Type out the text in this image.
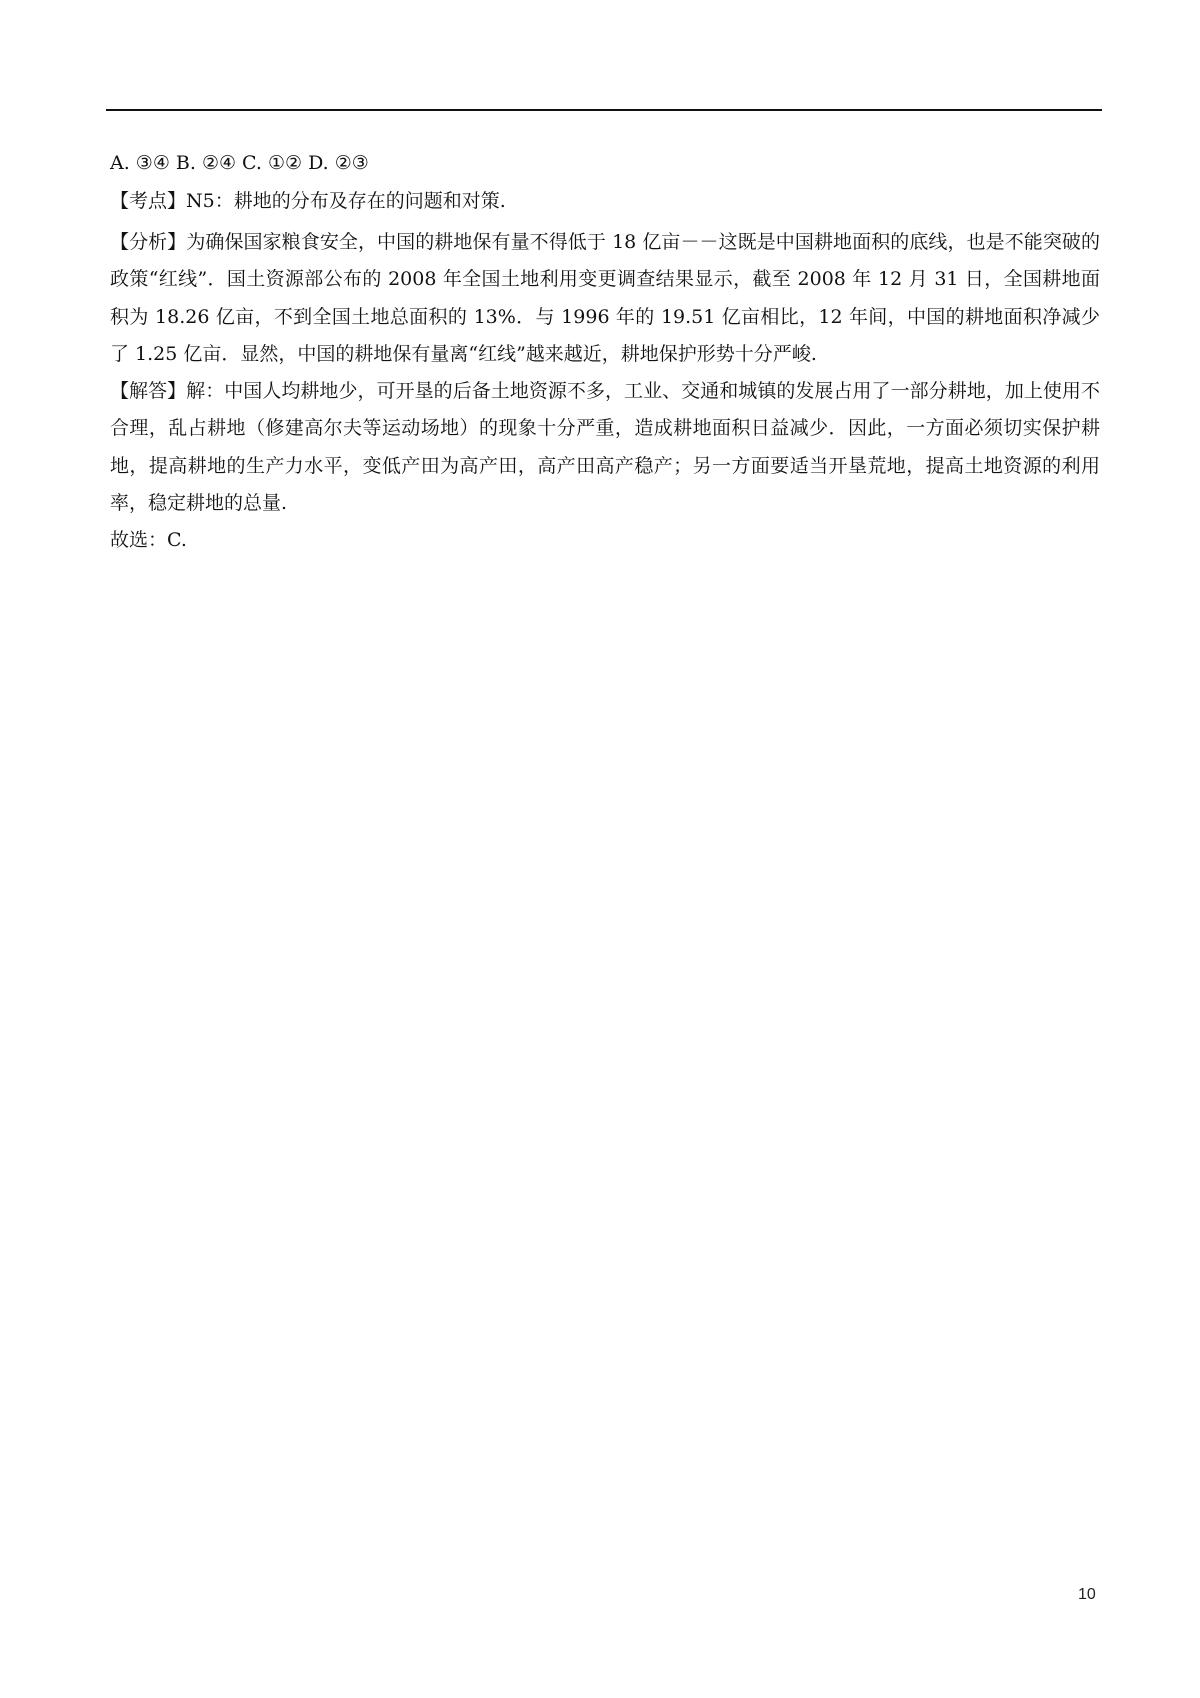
A. ③④ B. ②④ C. ①② D. ②③

【考点】N5：耕地的分布及存在的问题和对策.

【分析】为确保国家粮食安全，中国的耕地保有量不得低于 18 亿亩－－这既是中国耕地面积的底线，也是不能突破的政策“红线”．国土资源部公布的 2008 年全国土地利用变更调查结果显示，截至 2008 年 12 月 31 日，全国耕地面积为 18.26 亿亩，不到全国土地总面积的 13%．与 1996 年的 19.51 亿亩相比，12 年间，中国的耕地面积净减少了 1.25 亿亩．显然，中国的耕地保有量离“红线”越来越近，耕地保护形势十分严峻.

【解答】解：中国人均耕地少，可开垦的后备土地资源不多，工业、交通和城镇的发展占用了一部分耕地，加上使用不合理，乱占耕地（修建高尔夫等运动场地）的现象十分严重，造成耕地面积日益减少．因此，一方面必须切实保护耕地，提高耕地的生产力水平，变低产田为高产田，高产田高产稳产；另一方面要适当开垦荒地，提高土地资源的利用率，稳定耕地的总量.

故选：C.

10
